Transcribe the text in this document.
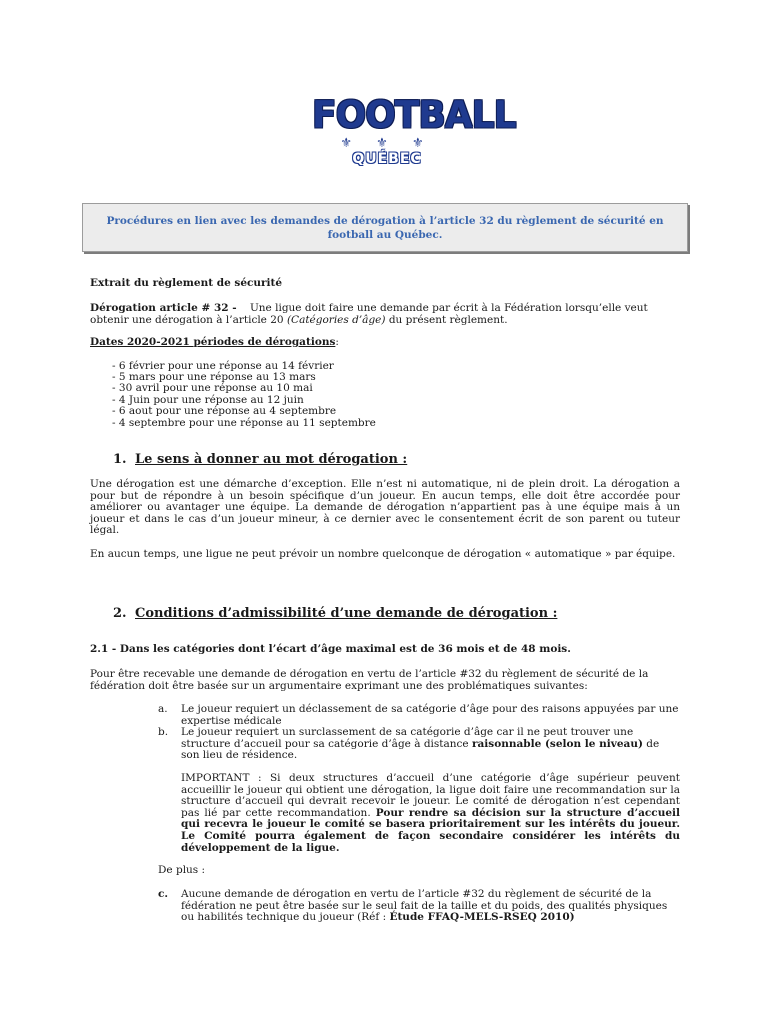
FOOTBALL
⚜ ⚜ ⚜
QUÉBEC
Procédures en lien avec les demandes de dérogation à l’article 32 du règlement de sécurité en football au Québec.
Extrait du règlement de sécurité
Dérogation article # 32 - Une ligue doit faire une demande par écrit à la Fédération lorsqu’elle veut obtenir une dérogation à l’article 20 (Catégories d’âge) du présent règlement.
Dates 2020-2021 périodes de dérogations:
- 6 février pour une réponse au 14 février
- 5 mars pour une réponse au 13 mars
- 30 avril pour une réponse au 10 mai
- 4 Juin pour une réponse au 12 juin
- 6 aout pour une réponse au 4 septembre
- 4 septembre pour une réponse au 11 septembre
1. Le sens à donner au mot dérogation :
Une dérogation est une démarche d’exception. Elle n’est ni automatique, ni de plein droit. La dérogation a pour but de répondre à un besoin spécifique d’un joueur. En aucun temps, elle doit être accordée pour améliorer ou avantager une équipe. La demande de dérogation n’appartient pas à une équipe mais à un joueur et dans le cas d’un joueur mineur, à ce dernier avec le consentement écrit de son parent ou tuteur légal.
En aucun temps, une ligue ne peut prévoir un nombre quelconque de dérogation « automatique » par équipe.
2. Conditions d’admissibilité d’une demande de dérogation :
2.1 - Dans les catégories dont l’écart d’âge maximal est de 36 mois et de 48 mois.
Pour être recevable une demande de dérogation en vertu de l’article #32 du règlement de sécurité de la fédération doit être basée sur un argumentaire exprimant une des problématiques suivantes:
a. Le joueur requiert un déclassement de sa catégorie d’âge pour des raisons appuyées par une expertise médicale
b. Le joueur requiert un surclassement de sa catégorie d’âge car il ne peut trouver une structure d’accueil pour sa catégorie d’âge à distance raisonnable (selon le niveau) de son lieu de résidence.
IMPORTANT : Si deux structures d’accueil d’une catégorie d’âge supérieur peuvent accueillir le joueur qui obtient une dérogation, la ligue doit faire une recommandation sur la structure d’accueil qui devrait recevoir le joueur. Le comité de dérogation n’est cependant pas lié par cette recommandation. Pour rendre sa décision sur la structure d’accueil qui recevra le joueur le comité se basera prioritairement sur les intérêts du joueur. Le Comité pourra également de façon secondaire considérer les intérêts du développement de la ligue.
De plus :
c. Aucune demande de dérogation en vertu de l’article #32 du règlement de sécurité de la fédération ne peut être basée sur le seul fait de la taille et du poids, des qualités physiques ou habilités technique du joueur (Réf : Étude FFAQ-MELS-RSEQ 2010)
